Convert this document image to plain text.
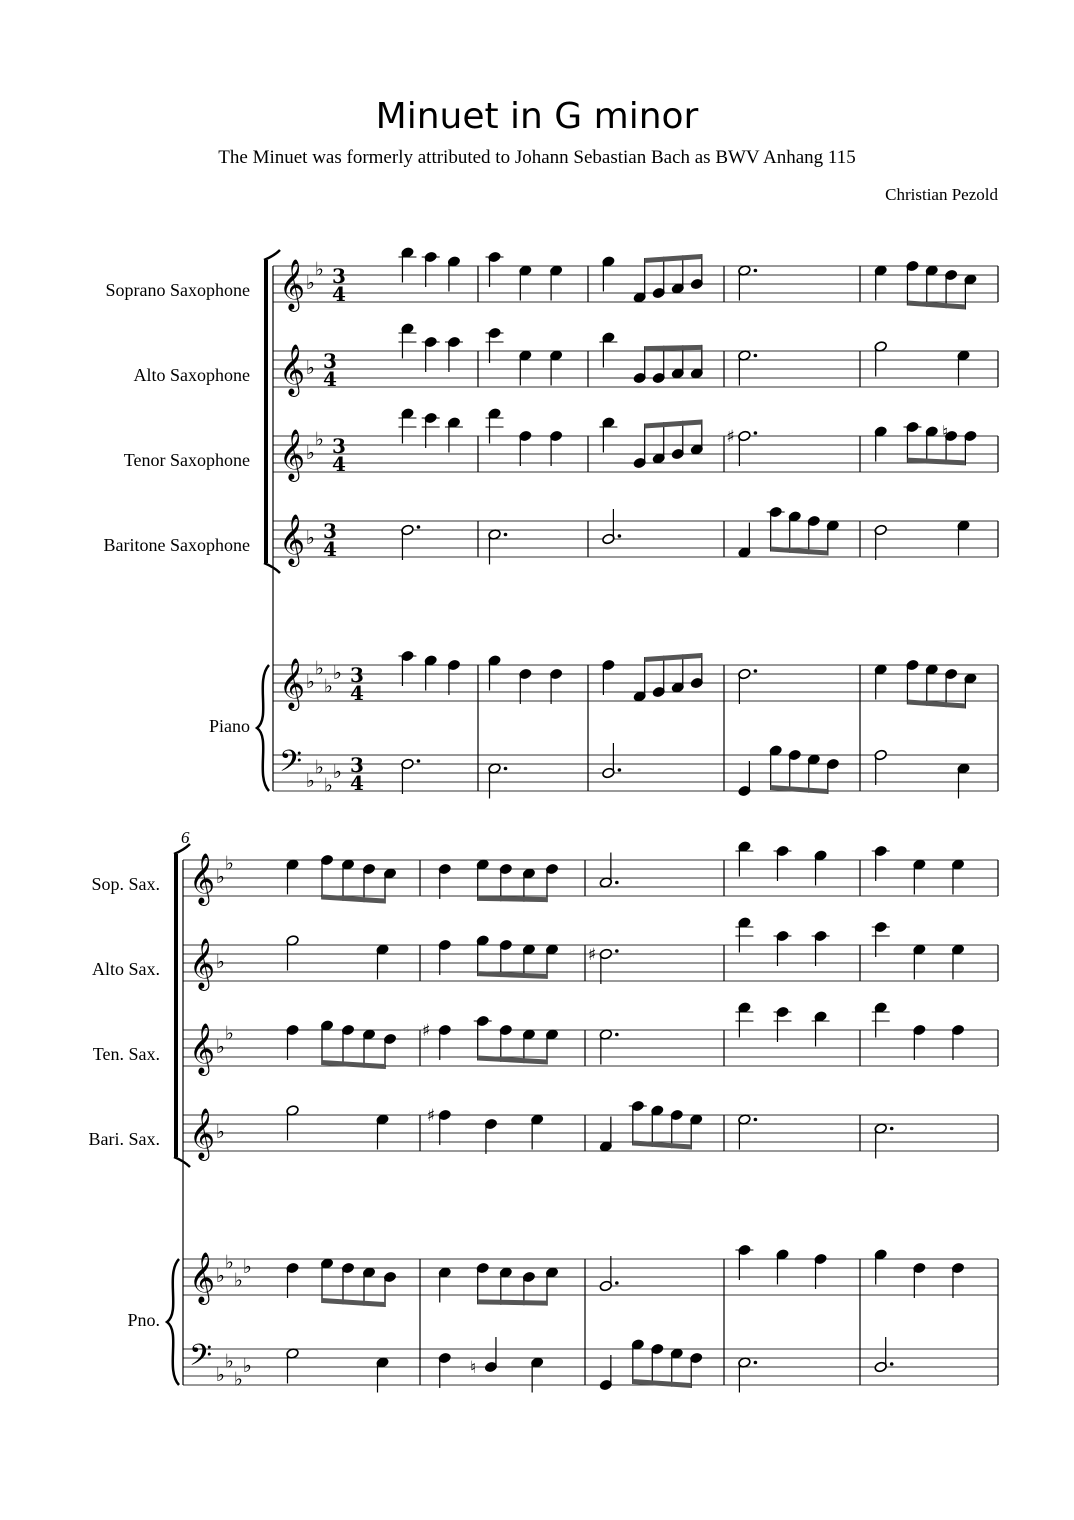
Minuet in G minor
The Minuet was formerly attributed to Johann Sebastian Bach as BWV Anhang 115
Christian Pezold
Soprano Saxophone
Alto Saxophone
Tenor Saxophone
Baritone Saxophone
Piano
6
Sop. Sax.
Alto Sax.
Ten. Sax.
Bari. Sax.
Pno.
𝄞 ♭
♭ 3
4
𝄞 ♭ 3
4
𝄞 ♭
♭ 3
4
𝄞 ♭ 3
4
𝄞 ♭
♭
♭
♭ 3
4
𝄢 ♭
♭
♭
♭ 3
4
♯	♮
𝄞 ♭
♭
𝄞 ♭
𝄞 ♭
♭
𝄞 ♭
𝄞 ♭
♭
♭
♭
𝄢 ♭
♭
♭
♭
♯
♯
♯
♮
